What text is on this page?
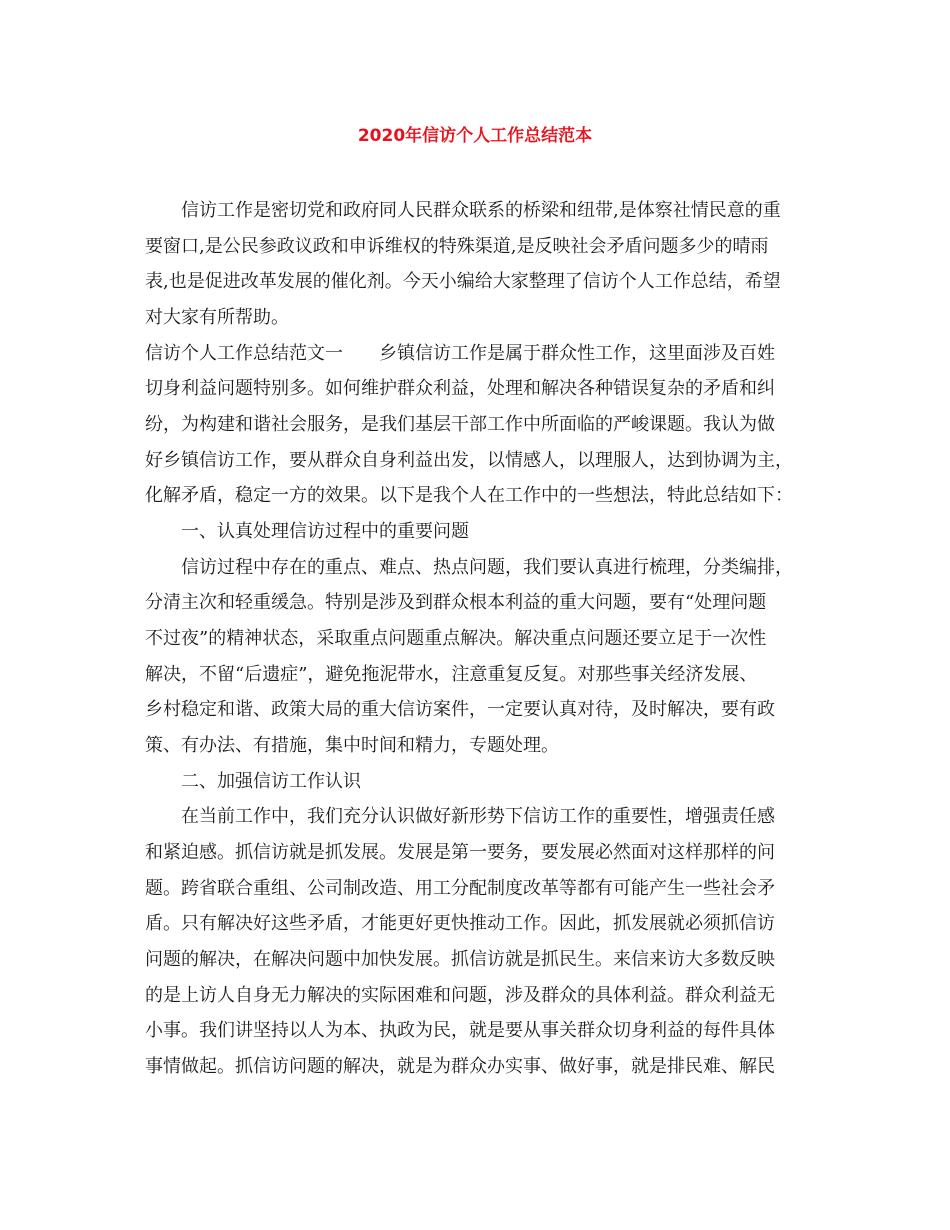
2020年信访个人工作总结范本

信访工作是密切党和政府同人民群众联系的桥梁和纽带,是体察社情民意的重

要窗口,是公民参政议政和申诉维权的特殊渠道,是反映社会矛盾问题多少的晴雨

表,也是促进改革发展的催化剂。今天小编给大家整理了信访个人工作总结，希望

对大家有所帮助。

信访个人工作总结范文一　　乡镇信访工作是属于群众性工作，这里面涉及百姓

切身利益问题特别多。如何维护群众利益，处理和解决各种错误复杂的矛盾和纠

纷，为构建和谐社会服务，是我们基层干部工作中所面临的严峻课题。我认为做

好乡镇信访工作，要从群众自身利益出发，以情感人，以理服人，达到协调为主，

化解矛盾，稳定一方的效果。以下是我个人在工作中的一些想法，特此总结如下：

一、认真处理信访过程中的重要问题

信访过程中存在的重点、难点、热点问题，我们要认真进行梳理，分类编排，

分清主次和轻重缓急。特别是涉及到群众根本利益的重大问题，要有“处理问题

不过夜”的精神状态，采取重点问题重点解决。解决重点问题还要立足于一次性

解决，不留“后遗症”，避免拖泥带水，注意重复反复。对那些事关经济发展、

乡村稳定和谐、政策大局的重大信访案件，一定要认真对待，及时解决，要有政

策、有办法、有措施，集中时间和精力，专题处理。

二、加强信访工作认识

在当前工作中，我们充分认识做好新形势下信访工作的重要性，增强责任感

和紧迫感。抓信访就是抓发展。发展是第一要务，要发展必然面对这样那样的问

题。跨省联合重组、公司制改造、用工分配制度改革等都有可能产生一些社会矛

盾。只有解决好这些矛盾，才能更好更快推动工作。因此，抓发展就必须抓信访

问题的解决，在解决问题中加快发展。抓信访就是抓民生。来信来访大多数反映

的是上访人自身无力解决的实际困难和问题，涉及群众的具体利益。群众利益无

小事。我们讲坚持以人为本、执政为民，就是要从事关群众切身利益的每件具体

事情做起。抓信访问题的解决，就是为群众办实事、做好事，就是排民难、解民
